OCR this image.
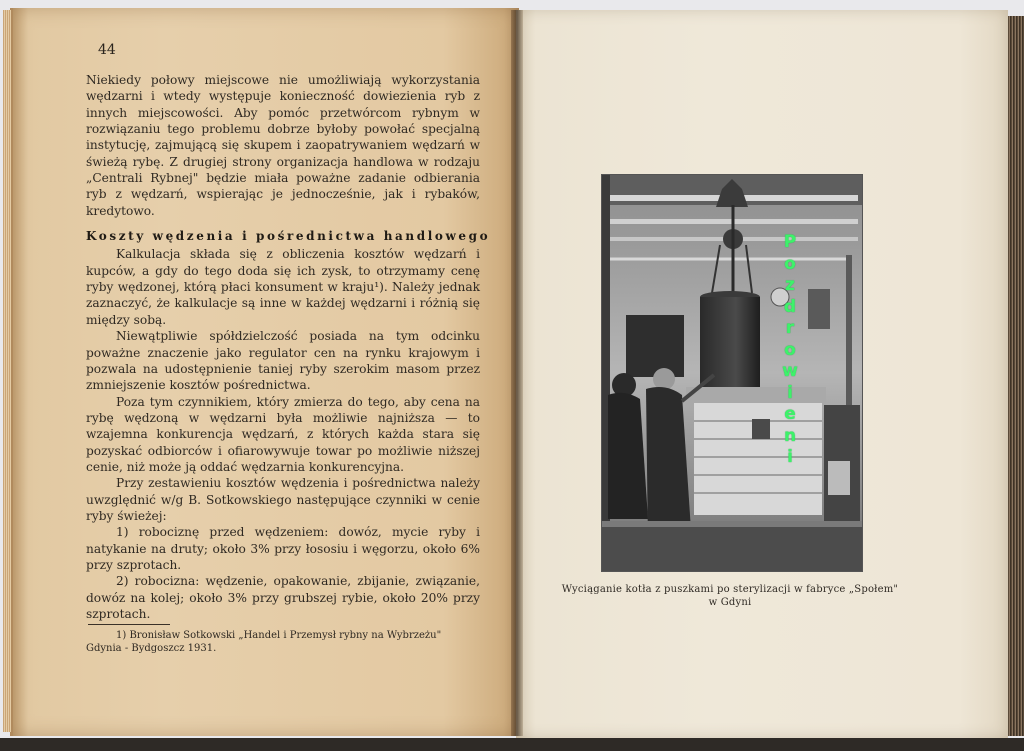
44

Niekiedy połowy miejscowe nie umożliwiają wykorzystania wędzarni i wtedy występuje konieczność dowiezienia ryb z innych miejscowości. Aby pomóc przetwórcom rybnym w rozwiązaniu tego problemu dobrze byłoby powołać specjalną instytucję, zajmującą się skupem i zaopatrywaniem wędzarń w świeżą rybę. Z drugiej strony organizacja handlowa w rodzaju „Centrali Rybnej" będzie miała poważne zadanie odbierania ryb z wędzarń, wspierając je jednocześnie, jak i rybaków, kredytowo.

Koszty wędzenia i pośrednictwa handlowego

Kalkulacja składa się z obliczenia kosztów wędzarń i kupców, a gdy do tego doda się ich zysk, to otrzymamy cenę ryby wędzonej, którą płaci konsument w kraju¹). Należy jednak zaznaczyć, że kalkulacje są inne w każdej wędzarni i różnią się między sobą.

Niewątpliwie spółdzielczość posiada na tym odcinku poważne znaczenie jako regulator cen na rynku krajowym i pozwala na udostępnienie taniej ryby szerokim masom przez zmniejszenie kosztów pośrednictwa.

Poza tym czynnikiem, który zmierza do tego, aby cena na rybę wędzoną w wędzarni była możliwie najniższa — to wzajemna konkurencja wędzarń, z których każda stara się pozyskać odbiorców i ofiarowywuje towar po możliwie niższej cenie, niż może ją oddać wędzarnia konkurencyjna.

Przy zestawieniu kosztów wędzenia i pośrednictwa należy uwzględnić w/g B. Sotkowskiego następujące czynniki w cenie ryby świeżej:

1) robociznę przed wędzeniem: dowóz, mycie ryby i natykanie na druty; około 3% przy łososiu i węgorzu, około 6% przy szprotach.

2) robocizna: wędzenie, opakowanie, zbijanie, związanie, dowóz na kolej; około 3% przy grubszej rybie, około 20% przy szprotach.

1) Bronisław Sotkowski „Handel i Przemysł rybny na Wybrzeżu"

Gdynia - Bydgoszcz 1931.

P
o
z
d
r
o
w
i
e
n
i
Wyciąganie kotła z puszkami po sterylizacji w fabryce „Społem"
w Gdyni
